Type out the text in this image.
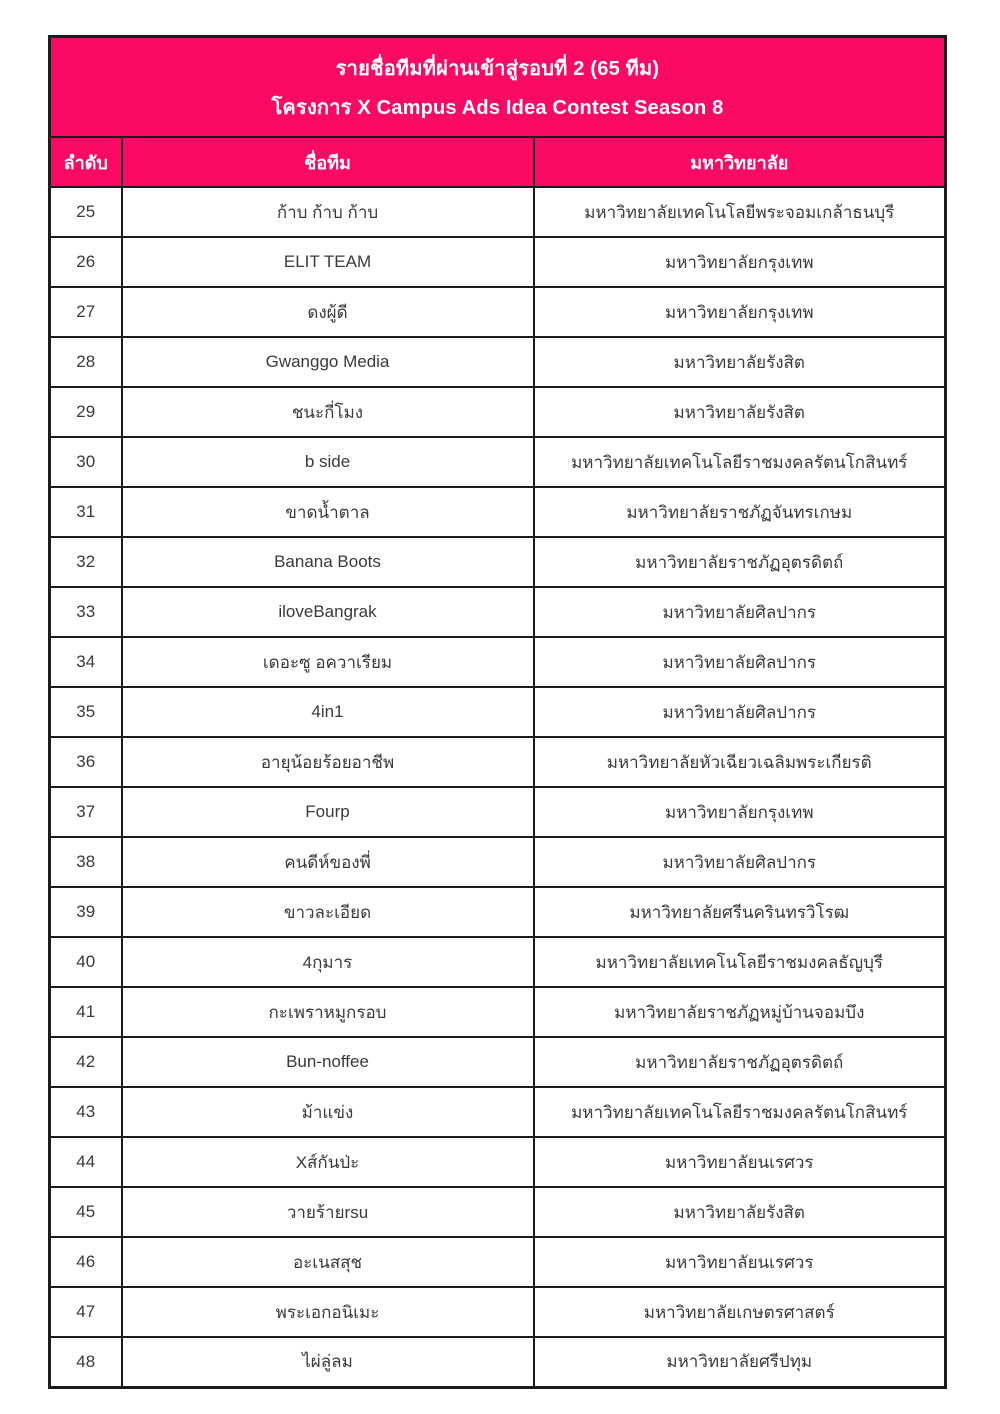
รายชื่อทีมที่ผ่านเข้าสู่รอบที่ 2 (65 ทีม)
โครงการ X Campus Ads Idea Contest Season 8		

ลำดับ	ชื่อทีม	มหาวิทยาลัย
25	ก้าบ ก้าบ ก้าบ	มหาวิทยาลัยเทคโนโลยีพระจอมเกล้าธนบุรี
26	ELIT TEAM	มหาวิทยาลัยกรุงเทพ
27	ดงผู้ดี	มหาวิทยาลัยกรุงเทพ
28	Gwanggo Media	มหาวิทยาลัยรังสิต
29	ชนะกี่โมง	มหาวิทยาลัยรังสิต
30	b side	มหาวิทยาลัยเทคโนโลยีราชมงคลรัตนโกสินทร์
31	ขาดน้ำตาล	มหาวิทยาลัยราชภัฏจันทรเกษม
32	Banana Boots	มหาวิทยาลัยราชภัฏอุตรดิตถ์
33	iloveBangrak	มหาวิทยาลัยศิลปากร
34	เดอะซู อควาเรียม	มหาวิทยาลัยศิลปากร
35	4in1	มหาวิทยาลัยศิลปากร
36	อายุน้อยร้อยอาชีพ	มหาวิทยาลัยหัวเฉียวเฉลิมพระเกียรติ
37	Fourp	มหาวิทยาลัยกรุงเทพ
38	คนดีห์ของพี่	มหาวิทยาลัยศิลปากร
39	ขาวละเอียด	มหาวิทยาลัยศรีนครินทรวิโรฒ
40	4กุมาร	มหาวิทยาลัยเทคโนโลยีราชมงคลธัญบุรี
41	กะเพราหมูกรอบ	มหาวิทยาลัยราชภัฏหมู่บ้านจอมบึง
42	Bun-noffee	มหาวิทยาลัยราชภัฏอุตรดิตถ์
43	ม้าแข่ง	มหาวิทยาลัยเทคโนโลยีราชมงคลรัตนโกสินทร์
44	Xส์กันป่ะ	มหาวิทยาลัยนเรศวร
45	วายร้ายrsu	มหาวิทยาลัยรังสิต
46	อะเนสสุช	มหาวิทยาลัยนเรศวร
47	พระเอกอนิเมะ	มหาวิทยาลัยเกษตรศาสตร์
48	ไผ่ลู่ลม	มหาวิทยาลัยศรีปทุม
